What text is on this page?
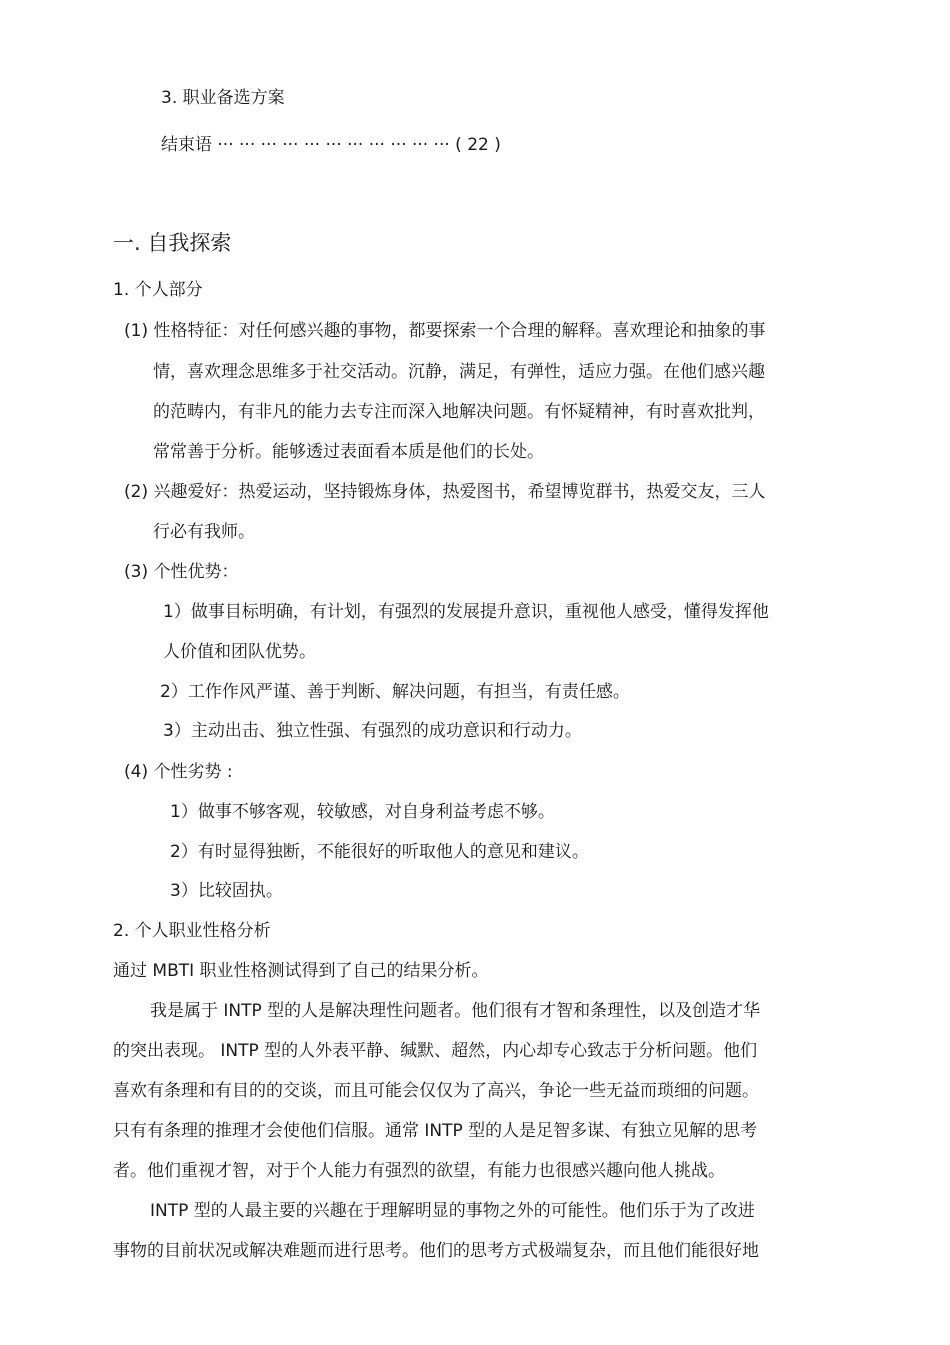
3. 职业备选方案
结束语 ··· ··· ··· ··· ··· ··· ··· ··· ··· ··· ··· ( 22 )
一. 自我探索
1. 个人部分
(1) 性格特征：对任何感兴趣的事物，都要探索一个合理的解释。喜欢理论和抽象的事
情，喜欢理念思维多于社交活动。沉静，满足，有弹性，适应力强。在他们感兴趣
的范畴内，有非凡的能力去专注而深入地解决问题。有怀疑精神，有时喜欢批判，
常常善于分析。能够透过表面看本质是他们的长处。
(2) 兴趣爱好：热爱运动，坚持锻炼身体，热爱图书，希望博览群书，热爱交友，三人
行必有我师。
(3) 个性优势：
1）做事目标明确，有计划，有强烈的发展提升意识，重视他人感受，懂得发挥他
人价值和团队优势。
2）工作作风严谨、善于判断、解决问题，有担当，有责任感。
3）主动出击、独立性强、有强烈的成功意识和行动力。
(4) 个性劣势 :
1）做事不够客观，较敏感，对自身利益考虑不够。
2）有时显得独断，不能很好的听取他人的意见和建议。
3）比较固执。
2. 个人职业性格分析
通过 MBTI 职业性格测试得到了自己的结果分析。
我是属于 INTP 型的人是解决理性问题者。他们很有才智和条理性，以及创造才华
的突出表现。 INTP 型的人外表平静、缄默、超然，内心却专心致志于分析问题。他们
喜欢有条理和有目的的交谈，而且可能会仅仅为了高兴，争论一些无益而琐细的问题。
只有有条理的推理才会使他们信服。通常 INTP 型的人是足智多谋、有独立见解的思考
者。他们重视才智，对于个人能力有强烈的欲望，有能力也很感兴趣向他人挑战。
INTP 型的人最主要的兴趣在于理解明显的事物之外的可能性。他们乐于为了改进
事物的目前状况或解决难题而进行思考。他们的思考方式极端复杂，而且他们能很好地
